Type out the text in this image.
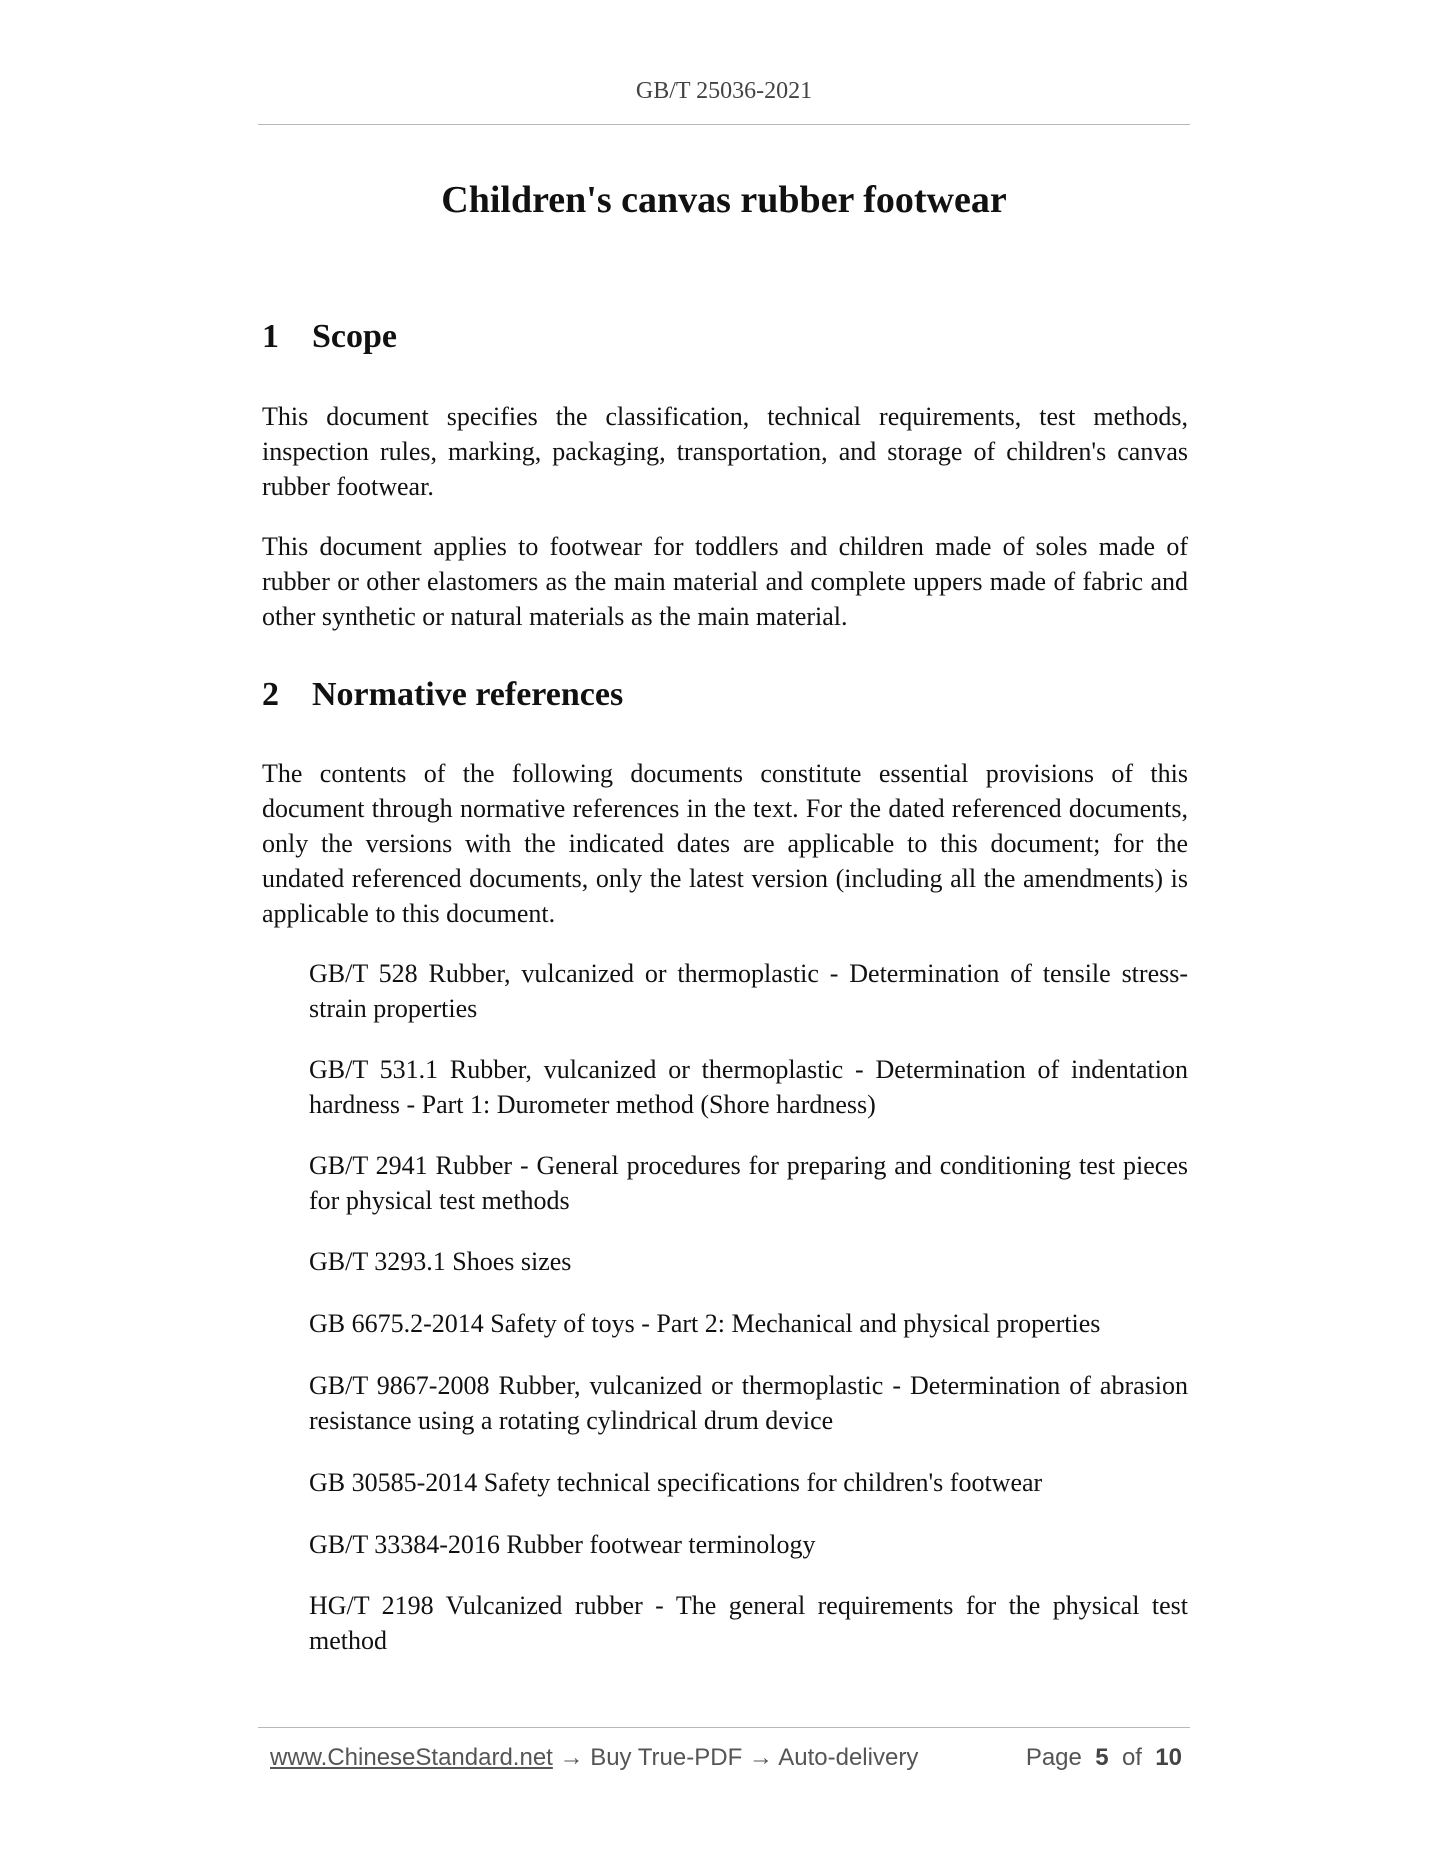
GB/T 25036-2021
Children's canvas rubber footwear
1 Scope
This document specifies the classification, technical requirements, test methods, inspection rules, marking, packaging, transportation, and storage of children's canvas rubber footwear.
This document applies to footwear for toddlers and children made of soles made of rubber or other elastomers as the main material and complete uppers made of fabric and other synthetic or natural materials as the main material.
2 Normative references
The contents of the following documents constitute essential provisions of this document through normative references in the text. For the dated referenced documents, only the versions with the indicated dates are applicable to this document; for the undated referenced documents, only the latest version (including all the amendments) is applicable to this document.
GB/T 528 Rubber, vulcanized or thermoplastic - Determination of tensile stress-strain properties
GB/T 531.1 Rubber, vulcanized or thermoplastic - Determination of indentation hardness - Part 1: Durometer method (Shore hardness)
GB/T 2941 Rubber - General procedures for preparing and conditioning test pieces for physical test methods
GB/T 3293.1 Shoes sizes
GB 6675.2-2014 Safety of toys - Part 2: Mechanical and physical properties
GB/T 9867-2008 Rubber, vulcanized or thermoplastic - Determination of abrasion resistance using a rotating cylindrical drum device
GB 30585-2014 Safety technical specifications for children's footwear
GB/T 33384-2016 Rubber footwear terminology
HG/T 2198 Vulcanized rubber - The general requirements for the physical test method
www.ChineseStandard.net → Buy True-PDF → Auto-delivery	Page 5 of 10
